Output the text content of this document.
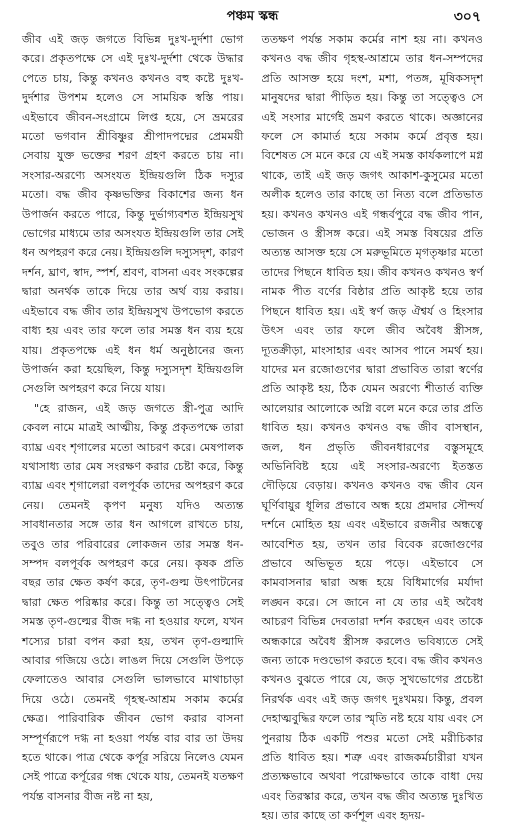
পঞ্চম স্কন্ধ	৩০৭

জীব এই জড় জগতে বিভিন্ন দুঃখ-দুর্দশা ভোগ করে। প্রকৃতপক্ষে সে এই দুঃখ-দুর্দশা থেকে উদ্ধার পেতে চায়, কিন্তু কখনও কখনও বহু কষ্টে দুঃখ-দুর্দশার উপশম হলেও সে সাময়িক স্বস্তি পায়। এইভাবে জীবন-সংগ্রামে লিপ্ত হয়ে, সে ভ্রমরের মতো ভগবান শ্রীবিষ্ণুর শ্রীপাদপদ্মের প্রেমময়ী সেবায় যুক্ত ভক্তের শরণ গ্রহণ করতে চায় না। সংসার-অরণ্যে অসংযত ইন্দ্রিয়গুলি ঠিক দস্যুর মতো। বদ্ধ জীব কৃষ্ণভক্তির বিকাশের জন্য ধন উপার্জন করতে পারে, কিন্তু দুর্ভাগ্যবশত ইন্দ্রিয়সুখ ভোগের মাধ্যমে তার অসংযত ইন্দ্রিয়গুলি তার সেই ধন অপহরণ করে নেয়। ইন্দ্রিয়গুলি দস্যুসদৃশ, কারণ দর্শন, ঘ্রাণ, স্বাদ, স্পর্শ, শ্রবণ, বাসনা এবং সংকল্পের দ্বারা অনর্থক তাকে দিয়ে তার অর্থ ব্যয় করায়। এইভাবে বদ্ধ জীব তার ইন্দ্রিয়সুখ উপভোগ করতে বাধ্য হয় এবং তার ফলে তার সমস্ত ধন ব্যয় হয়ে যায়। প্রকৃতপক্ষে এই ধন ধর্ম অনুষ্ঠানের জন্য উপার্জন করা হয়েছিল, কিন্তু দস্যুসদৃশ ইন্দ্রিয়গুলি সেগুলি অপহরণ করে নিয়ে যায়।

"হে রাজন, এই জড় জগতে স্ত্রী-পুত্র আদি কেবল নামে মাত্রই আত্মীয়, কিন্তু প্রকৃতপক্ষে তারা ব্যাঘ্র এবং শৃগালের মতো আচরণ করে। মেষপালক যথাসাধ্য তার মেষ সংরক্ষণ করার চেষ্টা করে, কিন্তু ব্যাঘ্র এবং শৃগালেরা বলপূর্বক তাদের অপহরণ করে নেয়। তেমনই কৃপণ মনুষ্য যদিও অত্যন্ত সাবধানতার সঙ্গে তার ধন আগলে রাখতে চায়, তবুও তার পরিবারের লোকজন তার সমস্ত ধন-সম্পদ বলপূর্বক অপহরণ করে নেয়। কৃষক প্রতি বছর তার ক্ষেত কর্ষণ করে, তৃণ-গুল্ম উৎপাটনের দ্বারা ক্ষেত পরিষ্কার করে। কিন্তু তা সত্ত্বেও সেই সমস্ত তৃণ-গুল্মের বীজ দগ্ধ না হওয়ার ফলে, যখন শস্যের চারা বপন করা হয়, তখন তৃণ-গুল্মাদি আবার গজিয়ে ওঠে। লাঙল দিয়ে সেগুলি উপড়ে ফেলাতেও আবার সেগুলি ভালভাবে মাথাচাড়া দিয়ে ওঠে। তেমনই গৃহস্থ-আশ্রম সকাম কর্মের ক্ষেত্র। পারিবারিক জীবন ভোগ করার বাসনা সম্পূর্ণরূপে দগ্ধ না হওয়া পর্যন্ত বার বার তা উদয় হতে থাকে। পাত্র থেকে কর্পূর সরিয়ে নিলেও যেমন সেই পাত্রে কর্পূরের গন্ধ থেকে যায়, তেমনই যতক্ষণ পর্যন্ত বাসনার বীজ নষ্ট না হয়,

ততক্ষণ পর্যন্ত সকাম কর্মের নাশ হয় না। কখনও কখনও বদ্ধ জীব গৃহস্থ-আশ্রমে তার ধন-সম্পদের প্রতি আসক্ত হয়ে দংশ, মশা, পতঙ্গ, মূষিকসদৃশ মানুষদের দ্বারা পীড়িত হয়। কিন্তু তা সত্ত্বেও সে এই সংসার মার্গেই ভ্রমণ করতে থাকে। অজ্ঞানের ফলে সে কামার্ত হয়ে সকাম কর্মে প্রবৃত্ত হয়। বিশেষত সে মনে করে যে এই সমস্ত কার্যকলাপে মগ্ন থাকে, তাই এই জড় জগৎ আকাশ-কুসুমের মতো অলীক হলেও তার কাছে তা নিত্য বলে প্রতিভাত হয়। কখনও কখনও এই গন্ধর্বপুরে বদ্ধ জীব পান, ভোজন ও স্ত্রীসঙ্গ করে। এই সমস্ত বিষয়ের প্রতি অত্যন্ত আসক্ত হয়ে সে মরুভূমিতে মৃগতৃষ্ণার মতো তাদের পিছনে ধাবিত হয়। জীব কখনও কখনও স্বর্ণ নামক পীত বর্ণের বিষ্ঠার প্রতি আকৃষ্ট হয়ে তার পিছনে ধাবিত হয়। এই স্বর্ণ জড় ঐশ্বর্য ও হিংসার উৎস এবং তার ফলে জীব অবৈধ স্ত্রীসঙ্গ, দ্যূতক্রীড়া, মাংসাহার এবং আসব পানে সমর্থ হয়। যাদের মন রজোগুণের দ্বারা প্রভাবিত তারা স্বর্ণের প্রতি আকৃষ্ট হয়, ঠিক যেমন অরণ্যে শীতার্ত ব্যক্তি আলেয়ার আলোকে অগ্নি বলে মনে করে তার প্রতি ধাবিত হয়। কখনও কখনও বদ্ধ জীব বাসস্থান, জল, ধন প্রভৃতি জীবনধারণের বস্তুসমূহে অভিনিবিষ্ট হয়ে এই সংসার-অরণ্যে ইতস্তত দৌড়িয়ে বেড়ায়। কখনও কখনও বদ্ধ জীব যেন ঘূর্ণিবায়ুর ধূলির প্রভাবে অন্ধ হয়ে প্রমদার সৌন্দর্য দর্শনে মোহিত হয় এবং এইভাবে রজনীর অন্ধত্বে আবেশিত হয়, তখন তার বিবেক রজোগুণের প্রভাবে অভিভূত হয়ে পড়ে। এইভাবে সে কামবাসনার দ্বারা অন্ধ হয়ে বিধিমার্গের মর্যাদা লঙ্ঘন করে। সে জানে না যে তার এই অবৈধ আচরণ বিভিন্ন দেবতারা দর্শন করছেন এবং তাকে অন্ধকারে অবৈধ স্ত্রীসঙ্গ করলেও ভবিষ্যতে সেই জন্য তাকে দণ্ডভোগ করতে হবে। বদ্ধ জীব কখনও কখনও বুঝতে পারে যে, জড় সুখভোগের প্রচেষ্টা নিরর্থক এবং এই জড় জগৎ দুঃখময়। কিন্তু, প্রবল দেহাত্মবুদ্ধির ফলে তার স্মৃতি নষ্ট হয়ে যায় এবং সে পুনরায় ঠিক একটি পশুর মতো সেই মরীচিকার প্রতি ধাবিত হয়। শত্রু এবং রাজকর্মচারীরা যখন প্রত্যক্ষভাবে অথবা পরোক্ষভাবে তাকে বাধা দেয় এবং তিরস্কার করে, তখন বদ্ধ জীব অত্যন্ত দুঃখিত হয়। তার কাছে তা কর্ণশূল এবং হৃদয়-
